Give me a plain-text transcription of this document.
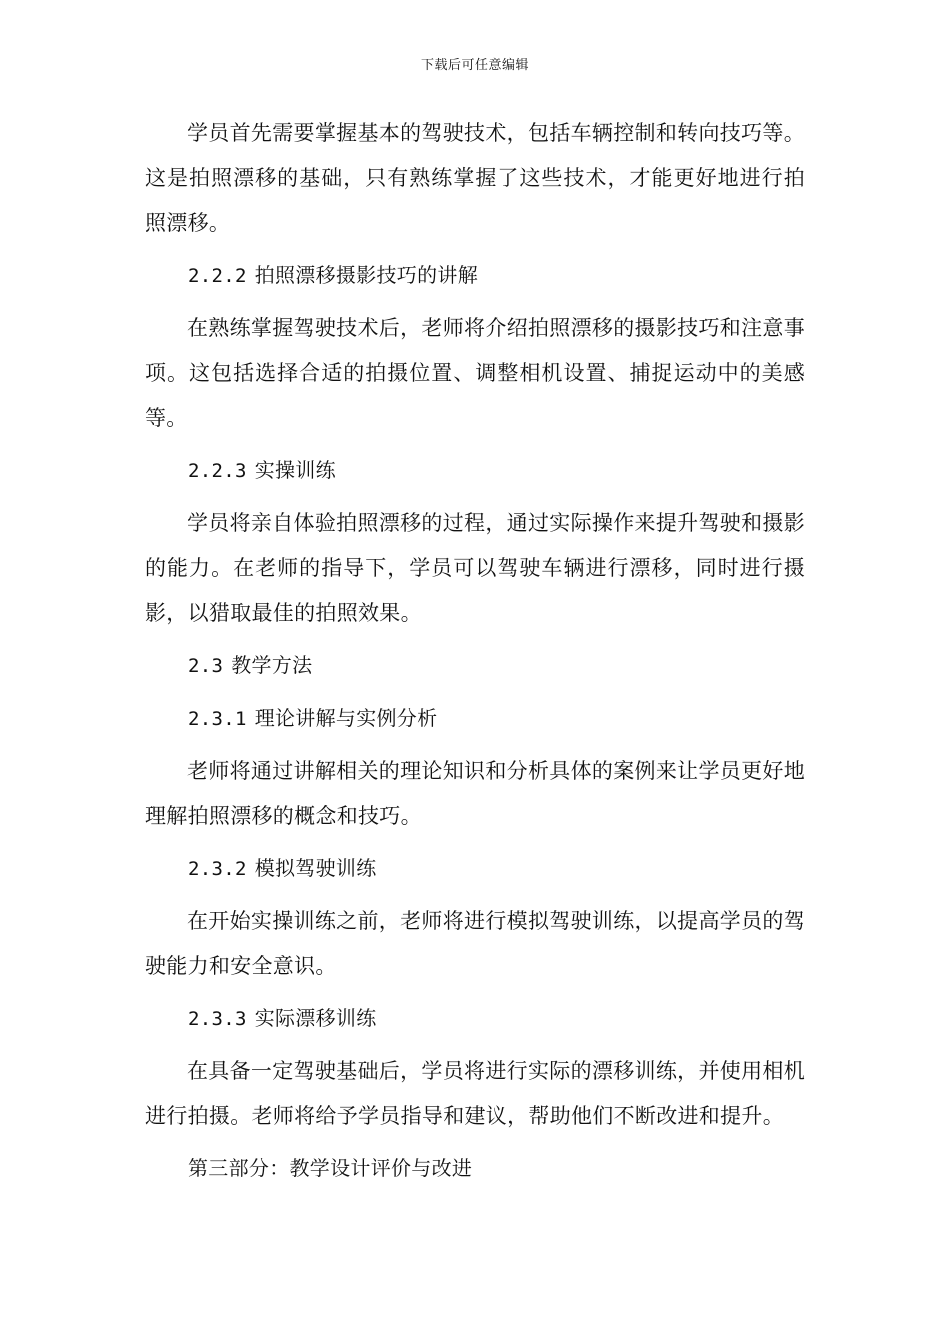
下载后可任意编辑

学员首先需要掌握基本的驾驶技术，包括车辆控制和转向技巧等。这是拍照漂移的基础，只有熟练掌握了这些技术，才能更好地进行拍照漂移。

2.2.2 拍照漂移摄影技巧的讲解

在熟练掌握驾驶技术后，老师将介绍拍照漂移的摄影技巧和注意事项。这包括选择合适的拍摄位置、调整相机设置、捕捉运动中的美感等。

2.2.3 实操训练

学员将亲自体验拍照漂移的过程，通过实际操作来提升驾驶和摄影的能力。在老师的指导下，学员可以驾驶车辆进行漂移，同时进行摄影，以猎取最佳的拍照效果。

2.3 教学方法
2.3.1 理论讲解与实例分析

老师将通过讲解相关的理论知识和分析具体的案例来让学员更好地理解拍照漂移的概念和技巧。

2.3.2 模拟驾驶训练

在开始实操训练之前，老师将进行模拟驾驶训练，以提高学员的驾驶能力和安全意识。

2.3.3 实际漂移训练

在具备一定驾驶基础后，学员将进行实际的漂移训练，并使用相机进行拍摄。老师将给予学员指导和建议，帮助他们不断改进和提升。

第三部分：教学设计评价与改进
